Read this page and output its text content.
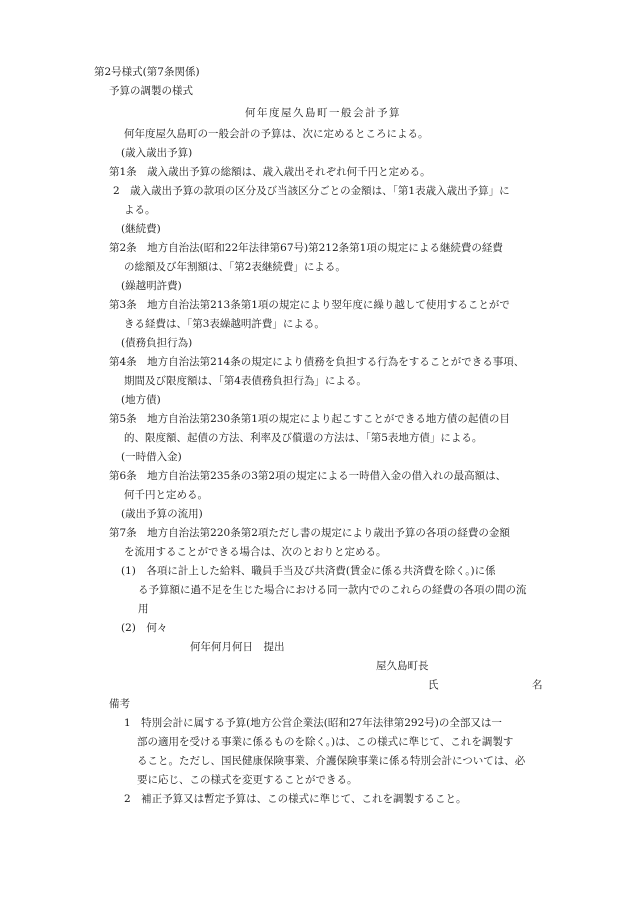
第2号様式(第7条関係)
予算の調製の様式
何年度屋久島町一般会計予算
何年度屋久島町の一般会計の予算は、次に定めるところによる。
(歳入歳出予算)
第1条　歳入歳出予算の総額は、歳入歳出それぞれ何千円と定める。
2　歳入歳出予算の款項の区分及び当該区分ごとの金額は、「第1表歳入歳出予算」に
よる。
(継続費)
第2条　地方自治法(昭和22年法律第67号)第212条第1項の規定による継続費の経費
の総額及び年割額は、「第2表継続費」による。
(繰越明許費)
第3条　地方自治法第213条第1項の規定により翌年度に繰り越して使用することがで
きる経費は、「第3表繰越明許費」による。
(債務負担行為)
第4条　地方自治法第214条の規定により債務を負担する行為をすることができる事項、
期間及び限度額は、「第4表債務負担行為」による。
(地方債)
第5条　地方自治法第230条第1項の規定により起こすことができる地方債の起債の目
的、限度額、起債の方法、利率及び償還の方法は、「第5表地方債」による。
(一時借入金)
第6条　地方自治法第235条の3第2項の規定による一時借入金の借入れの最高額は、
何千円と定める。
(歳出予算の流用)
第7条　地方自治法第220条第2項ただし書の規定により歳出予算の各項の経費の金額
を流用することができる場合は、次のとおりと定める。
(1)　各項に計上した給料、職員手当及び共済費(賃金に係る共済費を除く。)に係
る予算額に過不足を生じた場合における同一款内でのこれらの経費の各項の間の流
用
(2)　何々
何年何月何日　提出
屋久島町長
氏	名
備考
1　特別会計に属する予算(地方公営企業法(昭和27年法律第292号)の全部又は一
部の適用を受ける事業に係るものを除く。)は、この様式に準じて、これを調製す
ること。ただし、国民健康保険事業、介護保険事業に係る特別会計については、必
要に応じ、この様式を変更することができる。
2　補正予算又は暫定予算は、この様式に準じて、これを調製すること。
